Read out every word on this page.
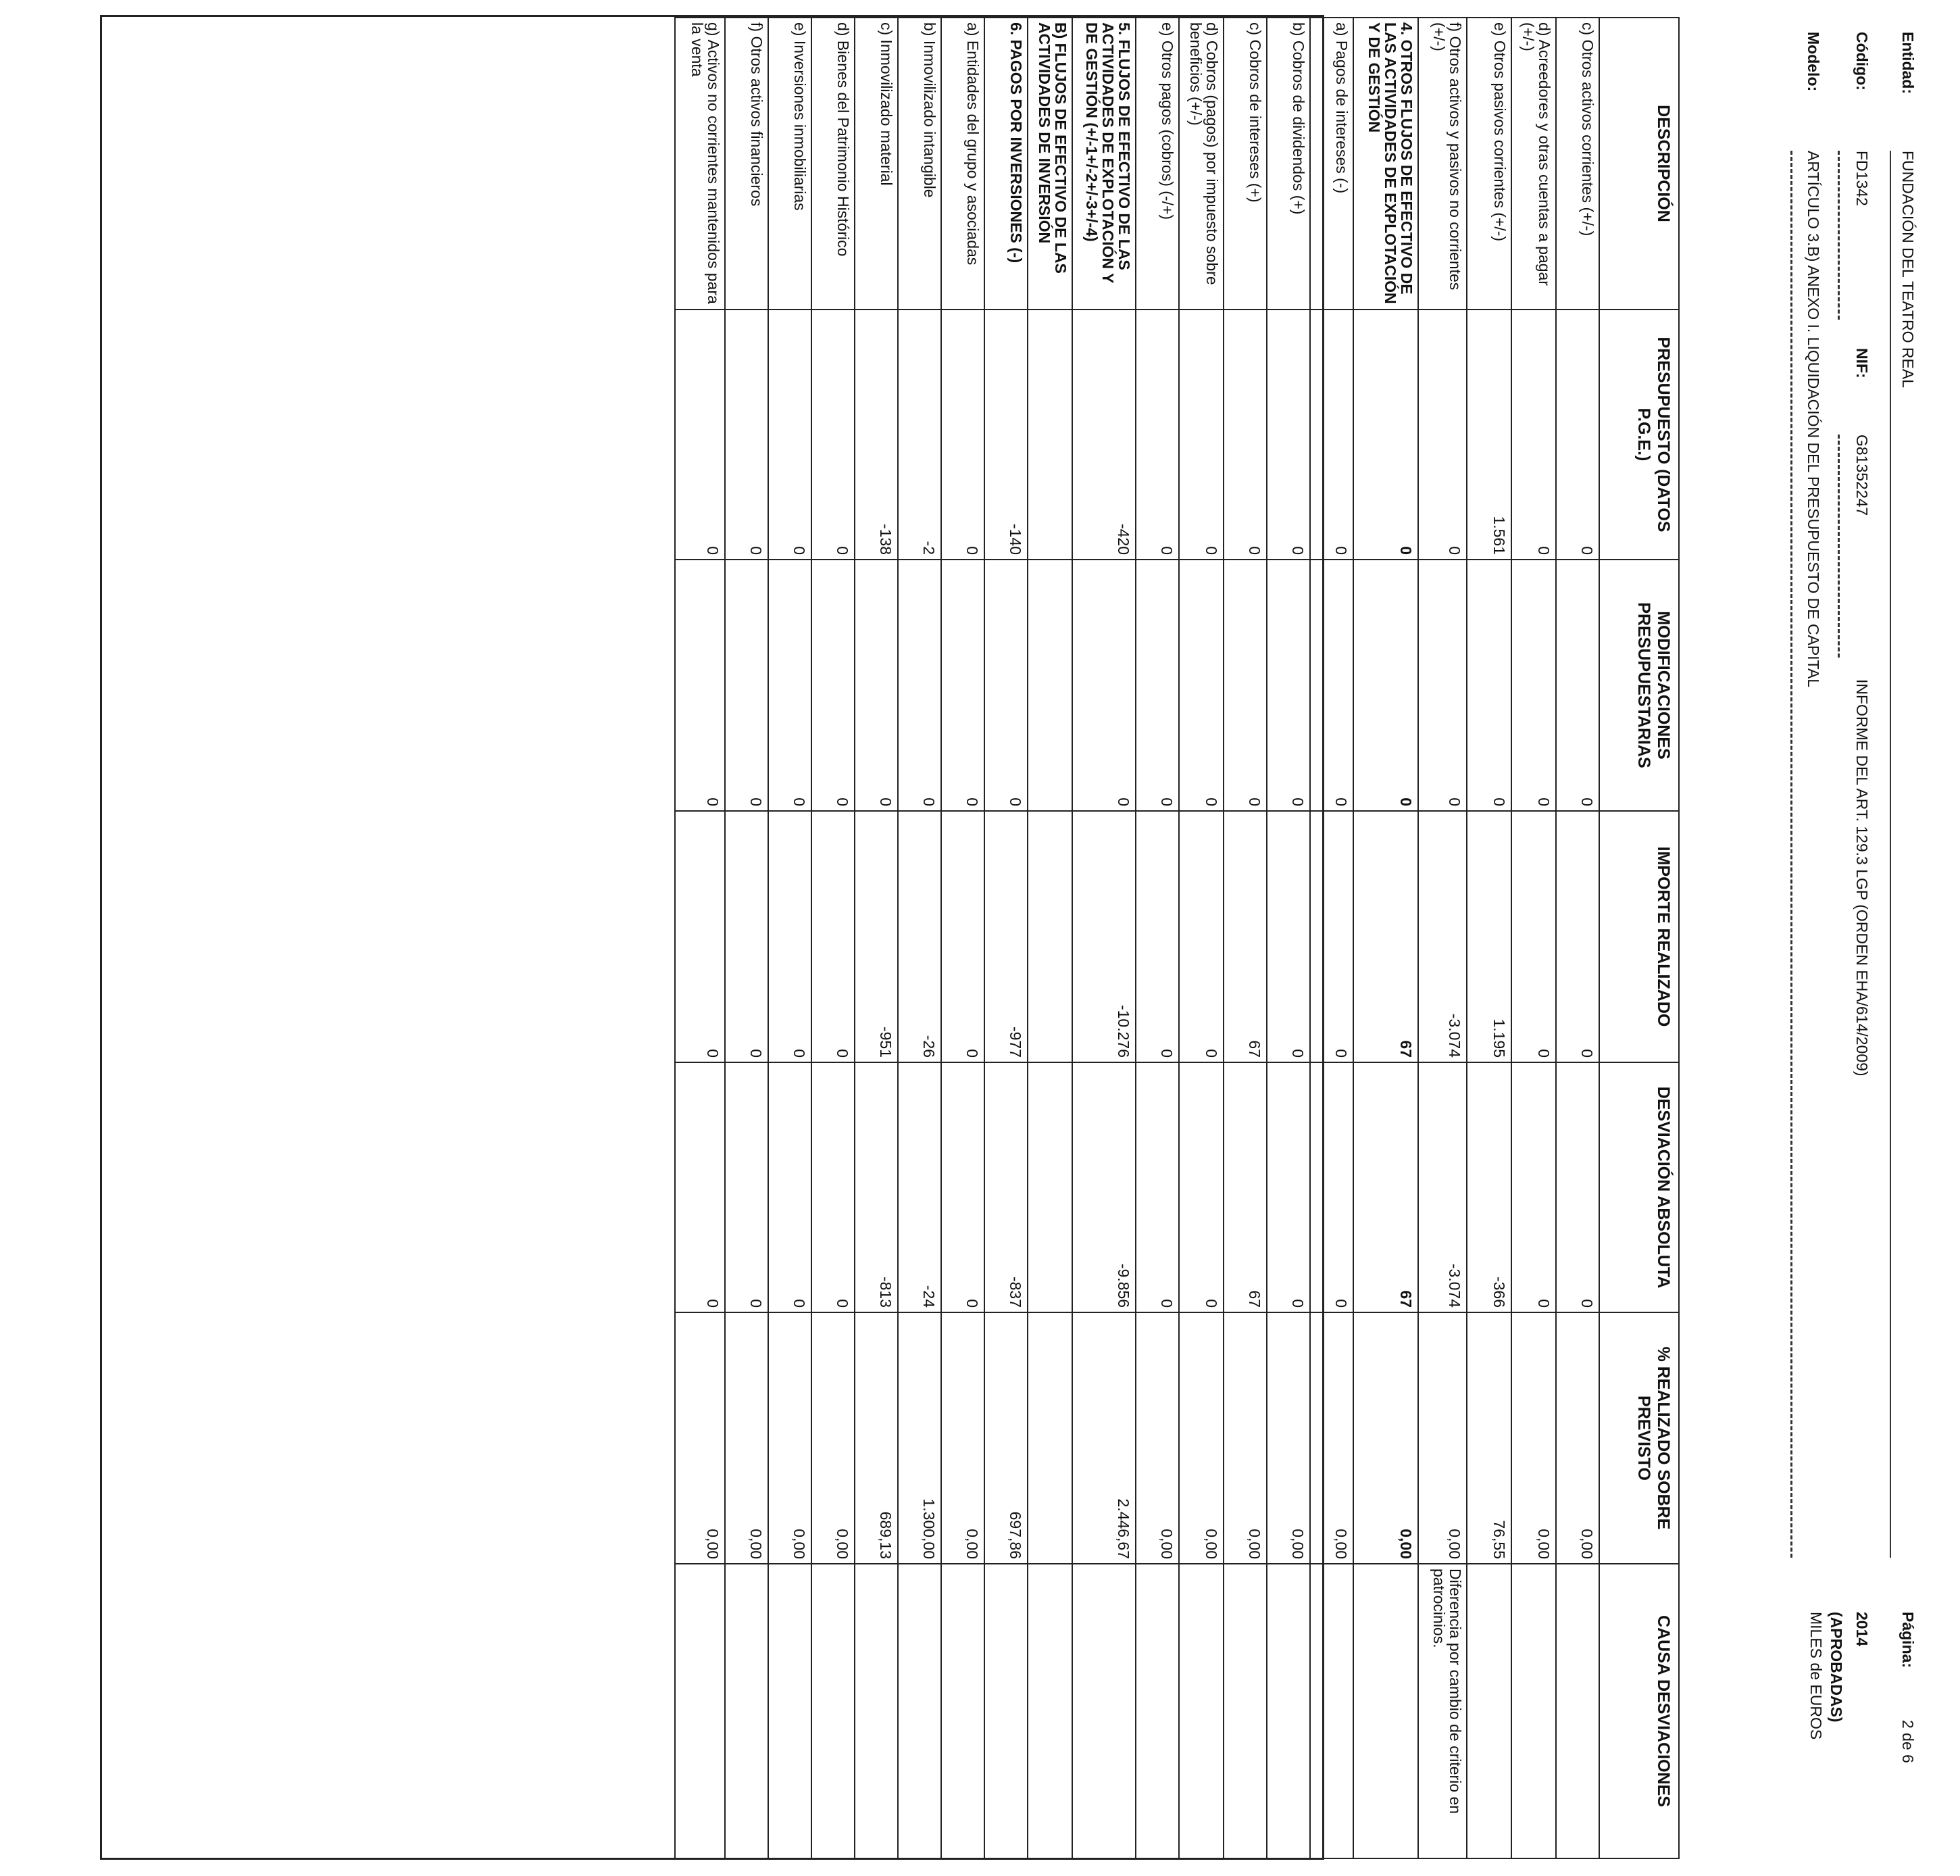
Entidad:
FUNDACIÓN DEL TEATRO REAL
Código:
FD1342
NIF:
G81352247
INFORME DEL ART. 129.3 LGP (ORDEN EHA/614/2009)
Modelo:
ARTÍCULO 3.B) ANEXO I. LIQUIDACIÓN DEL PRESUPUESTO DE CAPITAL
Página:
2 de 6
2014
(APROBADAS)
MILES de EUROS
DESCRIPCIÓN	PRESUPUESTO (DATOS P.G.E.)	MODIFICACIONES PRESUPUESTARIAS	IMPORTE REALIZADO	DESVIACIÓN ABSOLUTA	% REALIZADO SOBRE PREVISTO	CAUSA DESVIACIONES
c) Otros activos corrientes (+/-)	0	0	0	0	0,00	
d) Acreedores y otras cuentas a pagar (+/-)	0	0	0	0	0,00	
e) Otros pasivos corrientes (+/-)	1.561	0	1.195	-366	76,55	
f) Otros activos y pasivos no corrientes (+/-)	0	0	-3.074	-3.074	0,00	Diferencia por cambio de criterio en patrocinios.
4. OTROS FLUJOS DE EFECTIVO DE LAS ACTIVIDADES DE EXPLOTACIÓN Y DE GESTIÓN	0	0	67	67	0,00	
a) Pagos de intereses (-)	0	0	0	0	0,00	
b) Cobros de dividendos (+)	0	0	0	0	0,00	
c) Cobros de intereses (+)	0	0	67	67	0,00	
d) Cobros (pagos) por impuesto sobre beneficios (+/-)	0	0	0	0	0,00	
e) Otros pagos (cobros) (-/+)	0	0	0	0	0,00	
5. FLUJOS DE EFECTIVO DE LAS ACTIVIDADES DE EXPLOTACIÓN Y DE GESTIÓN (+/-1+/-2+/-3+/-4)	-420	0	-10.276	-9.856	2.446,67	
B) FLUJOS DE EFECTIVO DE LAS ACTIVIDADES DE INVERSIÓN						
6. PAGOS POR INVERSIONES (-)	-140	0	-977	-837	697,86	
a) Entidades del grupo y asociadas	0	0	0	0	0,00	
b) Inmovilizado intangible	-2	0	-26	-24	1.300,00	
c) Inmovilizado material	-138	0	-951	-813	689,13	
d) Bienes del Patrimonio Histórico	0	0	0	0	0,00	
e) Inversiones inmobiliarias	0	0	0	0	0,00	
f) Otros activos financieros	0	0	0	0	0,00	
g) Activos no corrientes mantenidos para la venta	0	0	0	0	0,00	
